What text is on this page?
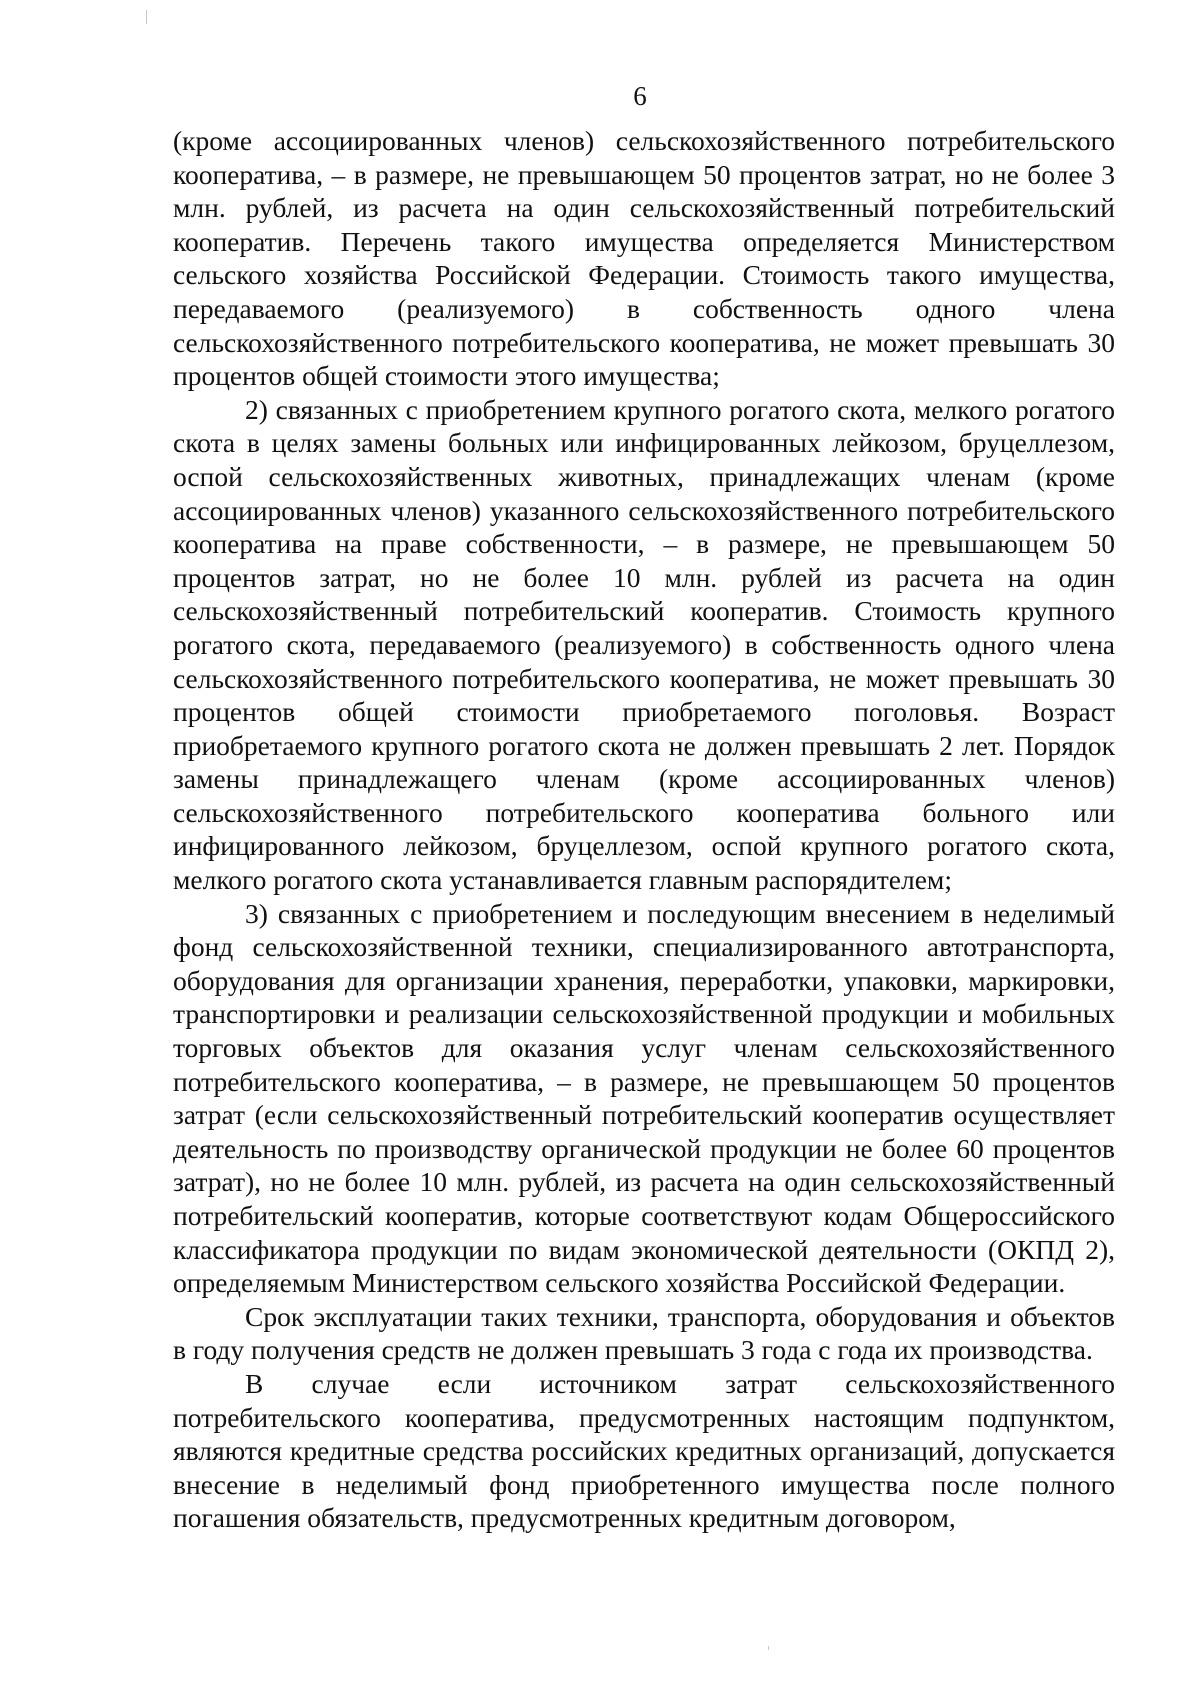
6

(кроме ассоциированных членов) сельскохозяйственного потребительского кооператива, – в размере, не превышающем 50 процентов затрат, но не более 3 млн. рублей, из расчета на один сельскохозяйственный потребительский кооператив. Перечень такого имущества определяется Министерством сельского хозяйства Российской Федерации. Стоимость такого имущества, передаваемого (реализуемого) в собственность одного члена сельскохозяйственного потребительского кооператива, не может превышать 30 процентов общей стоимости этого имущества;

2) связанных с приобретением крупного рогатого скота, мелкого рогатого скота в целях замены больных или инфицированных лейкозом, бруцеллезом, оспой сельскохозяйственных животных, принадлежащих членам (кроме ассоциированных членов) указанного сельскохозяйственного потребительского кооператива на праве собственности, – в размере, не превышающем 50 процентов затрат, но не более 10 млн. рублей из расчета на один сельскохозяйственный потребительский кооператив. Стоимость крупного рогатого скота, передаваемого (реализуемого) в собственность одного члена сельскохозяйственного потребительского кооператива, не может превышать 30 процентов общей стоимости приобретаемого поголовья. Возраст приобретаемого крупного рогатого скота не должен превышать 2 лет. Порядок замены принадлежащего членам (кроме ассоциированных членов) сельскохозяйственного потребительского кооператива больного или инфицированного лейкозом, бруцеллезом, оспой крупного рогатого скота, мелкого рогатого скота устанавливается главным распорядителем;

3) связанных с приобретением и последующим внесением в неделимый фонд сельскохозяйственной техники, специализированного автотранспорта, оборудования для организации хранения, переработки, упаковки, маркировки, транспортировки и реализации сельскохозяйственной продукции и мобильных торговых объектов для оказания услуг членам сельскохозяйственного потребительского кооператива, – в размере, не превышающем 50 процентов затрат (если сельскохозяйственный потребительский кооператив осуществляет деятельность по производству органической продукции не более 60 процентов затрат), но не более 10 млн. рублей, из расчета на один сельскохозяйственный потребительский кооператив, которые соответствуют кодам Общероссийского классификатора продукции по видам экономической деятельности (ОКПД 2), определяемым Министерством сельского хозяйства Российской Федерации.

Срок эксплуатации таких техники, транспорта, оборудования и объектов в году получения средств не должен превышать 3 года с года их производства.

В случае если источником затрат сельскохозяйственного потребительского кооператива, предусмотренных настоящим подпунктом, являются кредитные средства российских кредитных организаций, допускается внесение в неделимый фонд приобретенного имущества после полного погашения обязательств, предусмотренных кредитным договором,
